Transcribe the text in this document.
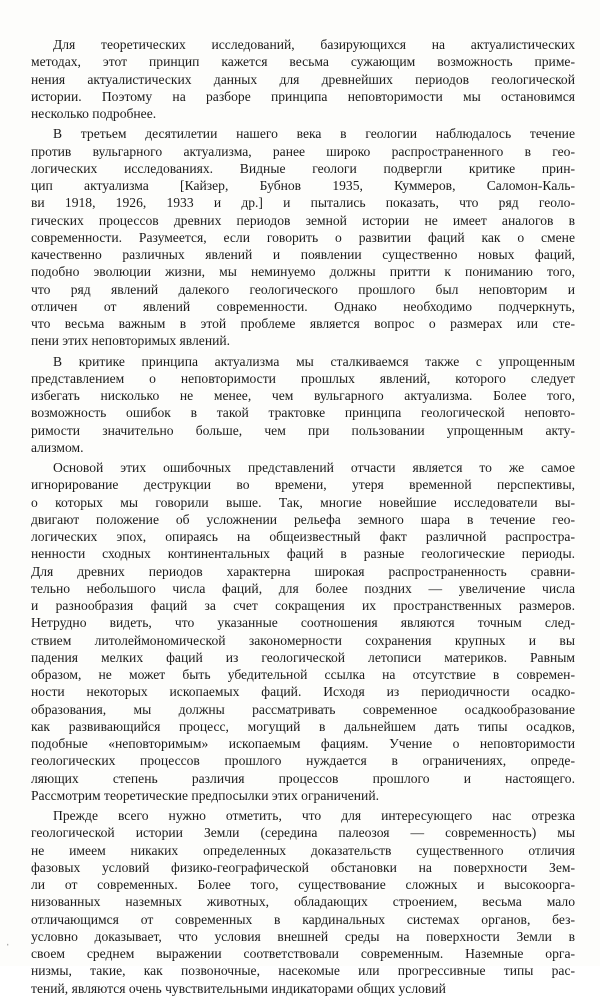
Для теоретических исследований, базирующихся на актуалистических
методах, этот принцип кажется весьма сужающим возможность приме-
нения актуалистических данных для древнейших периодов геологической
истории. Поэтому на разборе принципа неповторимости мы остановимся
несколько подробнее.
В третьем десятилетии нашего века в геологии наблюдалось течение
против вульгарного актуализма, ранее широко распространенного в гео-
логических исследованиях. Видные геологи подвергли критике прин-
цип актуализма [Кайзер, Бубнов 1935, Куммеров, Саломон-Каль-
ви 1918, 1926, 1933 и др.] и пытались показать, что ряд геоло-
гических процессов древних периодов земной истории не имеет аналогов в
современности. Разумеется, если говорить о развитии фаций как о смене
качественно различных явлений и появлении существенно новых фаций,
подобно эволюции жизни, мы неминуемо должны притти к пониманию того,
что ряд явлений далекого геологического прошлого был неповторим и
отличен от явлений современности. Однако необходимо подчеркнуть,
что весьма важным в этой проблеме является вопрос о размерах или сте-
пени этих неповторимых явлений.
В критике принципа актуализма мы сталкиваемся также с упрощенным
представлением о неповторимости прошлых явлений, которого следует
избегать нисколько не менее, чем вульгарного актуализма. Более того,
возможность ошибок в такой трактовке принципа геологической неповто-
римости значительно больше, чем при пользовании упрощенным акту-
ализмом.
Основой этих ошибочных представлений отчасти является то же самое
игнорирование деструкции во времени, утеря временной перспективы,
о которых мы говорили выше. Так, многие новейшие исследователи вы-
двигают положение об усложнении рельефа земного шара в течение гео-
логических эпох, опираясь на общеизвестный факт различной распростра-
ненности сходных континентальных фаций в разные геологические периоды.
Для древних периодов характерна широкая распространенность сравни-
тельно небольшого числа фаций, для более поздних — увеличение числа
и разнообразия фаций за счет сокращения их пространственных размеров.
Нетрудно видеть, что указанные соотношения являются точным след-
ствием литолеймономической закономерности сохранения крупных и вы
падения мелких фаций из геологической летописи материков. Равным
образом, не может быть убедительной ссылка на отсутствие в современ-
ности некоторых ископаемых фаций. Исходя из периодичности осадко-
образования, мы должны рассматривать современное осадкообразование
как развивающийся процесс, могущий в дальнейшем дать типы осадков,
подобные «неповторимым» ископаемым фациям. Учение о неповторимости
геологических процессов прошлого нуждается в ограничениях, опреде-
ляющих степень различия процессов прошлого и настоящего.
Рассмотрим теоретические предпосылки этих ограничений.
Прежде всего нужно отметить, что для интересующего нас отрезка
геологической истории Земли (середина палеозоя — современность) мы
не имеем никаких определенных доказательств существенного отличия
фазовых условий физико-географической обстановки на поверхности Зем-
ли от современных. Более того, существование сложных и высокоорга-
низованных наземных животных, обладающих строением, весьма мало
отличающимся от современных в кардинальных системах органов, без-
условно доказывает, что условия внешней среды на поверхности Земли в
своем среднем выражении соответствовали современным. Наземные орга-
низмы, такие, как позвоночные, насекомые или прогрессивные типы рас-
тений, являются очень чувствительными индикаторами общих условий
ˌ
